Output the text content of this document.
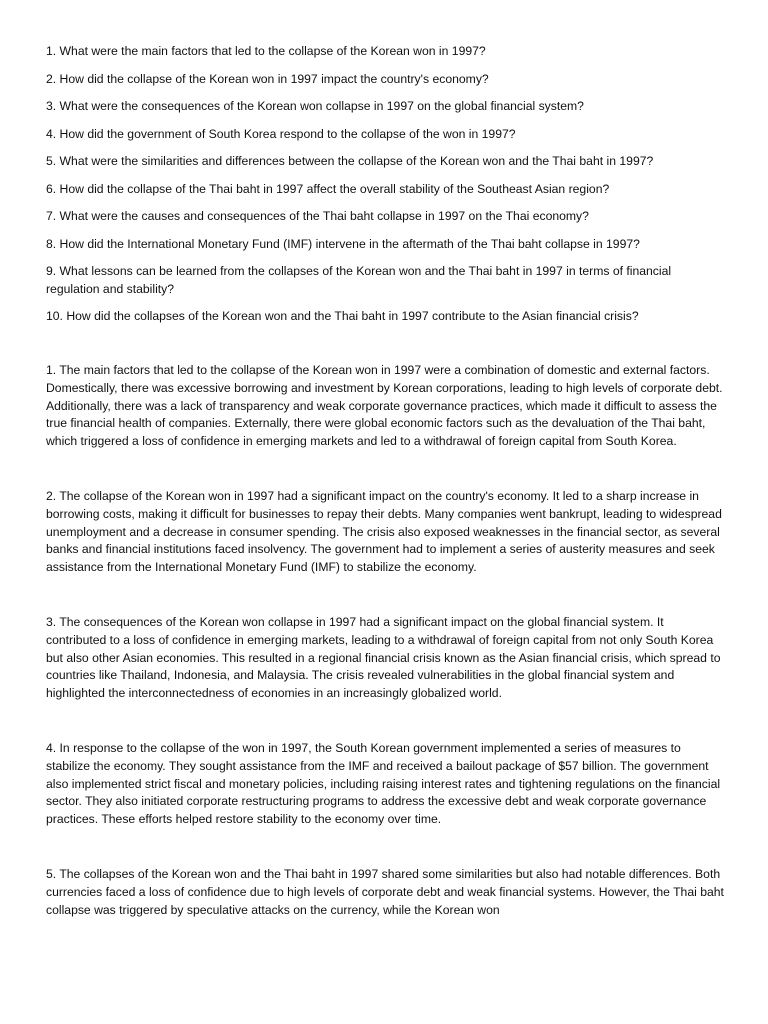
1. What were the main factors that led to the collapse of the Korean won in 1997?

2. How did the collapse of the Korean won in 1997 impact the country's economy?

3. What were the consequences of the Korean won collapse in 1997 on the global financial system?

4. How did the government of South Korea respond to the collapse of the won in 1997?

5. What were the similarities and differences between the collapse of the Korean won and the Thai baht in 1997?

6. How did the collapse of the Thai baht in 1997 affect the overall stability of the Southeast Asian region?

7. What were the causes and consequences of the Thai baht collapse in 1997 on the Thai economy?

8. How did the International Monetary Fund (IMF) intervene in the aftermath of the Thai baht collapse in 1997?

9. What lessons can be learned from the collapses of the Korean won and the Thai baht in 1997 in terms of financial regulation and stability?

10. How did the collapses of the Korean won and the Thai baht in 1997 contribute to the Asian financial crisis?

1. The main factors that led to the collapse of the Korean won in 1997 were a combination of domestic and external factors. Domestically, there was excessive borrowing and investment by Korean corporations, leading to high levels of corporate debt. Additionally, there was a lack of transparency and weak corporate governance practices, which made it difficult to assess the true financial health of companies. Externally, there were global economic factors such as the devaluation of the Thai baht, which triggered a loss of confidence in emerging markets and led to a withdrawal of foreign capital from South Korea.

2. The collapse of the Korean won in 1997 had a significant impact on the country's economy. It led to a sharp increase in borrowing costs, making it difficult for businesses to repay their debts. Many companies went bankrupt, leading to widespread unemployment and a decrease in consumer spending. The crisis also exposed weaknesses in the financial sector, as several banks and financial institutions faced insolvency. The government had to implement a series of austerity measures and seek assistance from the International Monetary Fund (IMF) to stabilize the economy.

3. The consequences of the Korean won collapse in 1997 had a significant impact on the global financial system. It contributed to a loss of confidence in emerging markets, leading to a withdrawal of foreign capital from not only South Korea but also other Asian economies. This resulted in a regional financial crisis known as the Asian financial crisis, which spread to countries like Thailand, Indonesia, and Malaysia. The crisis revealed vulnerabilities in the global financial system and highlighted the interconnectedness of economies in an increasingly globalized world.

4. In response to the collapse of the won in 1997, the South Korean government implemented a series of measures to stabilize the economy. They sought assistance from the IMF and received a bailout package of $57 billion. The government also implemented strict fiscal and monetary policies, including raising interest rates and tightening regulations on the financial sector. They also initiated corporate restructuring programs to address the excessive debt and weak corporate governance practices. These efforts helped restore stability to the economy over time.

5. The collapses of the Korean won and the Thai baht in 1997 shared some similarities but also had notable differences. Both currencies faced a loss of confidence due to high levels of corporate debt and weak financial systems. However, the Thai baht collapse was triggered by speculative attacks on the currency, while the Korean won
